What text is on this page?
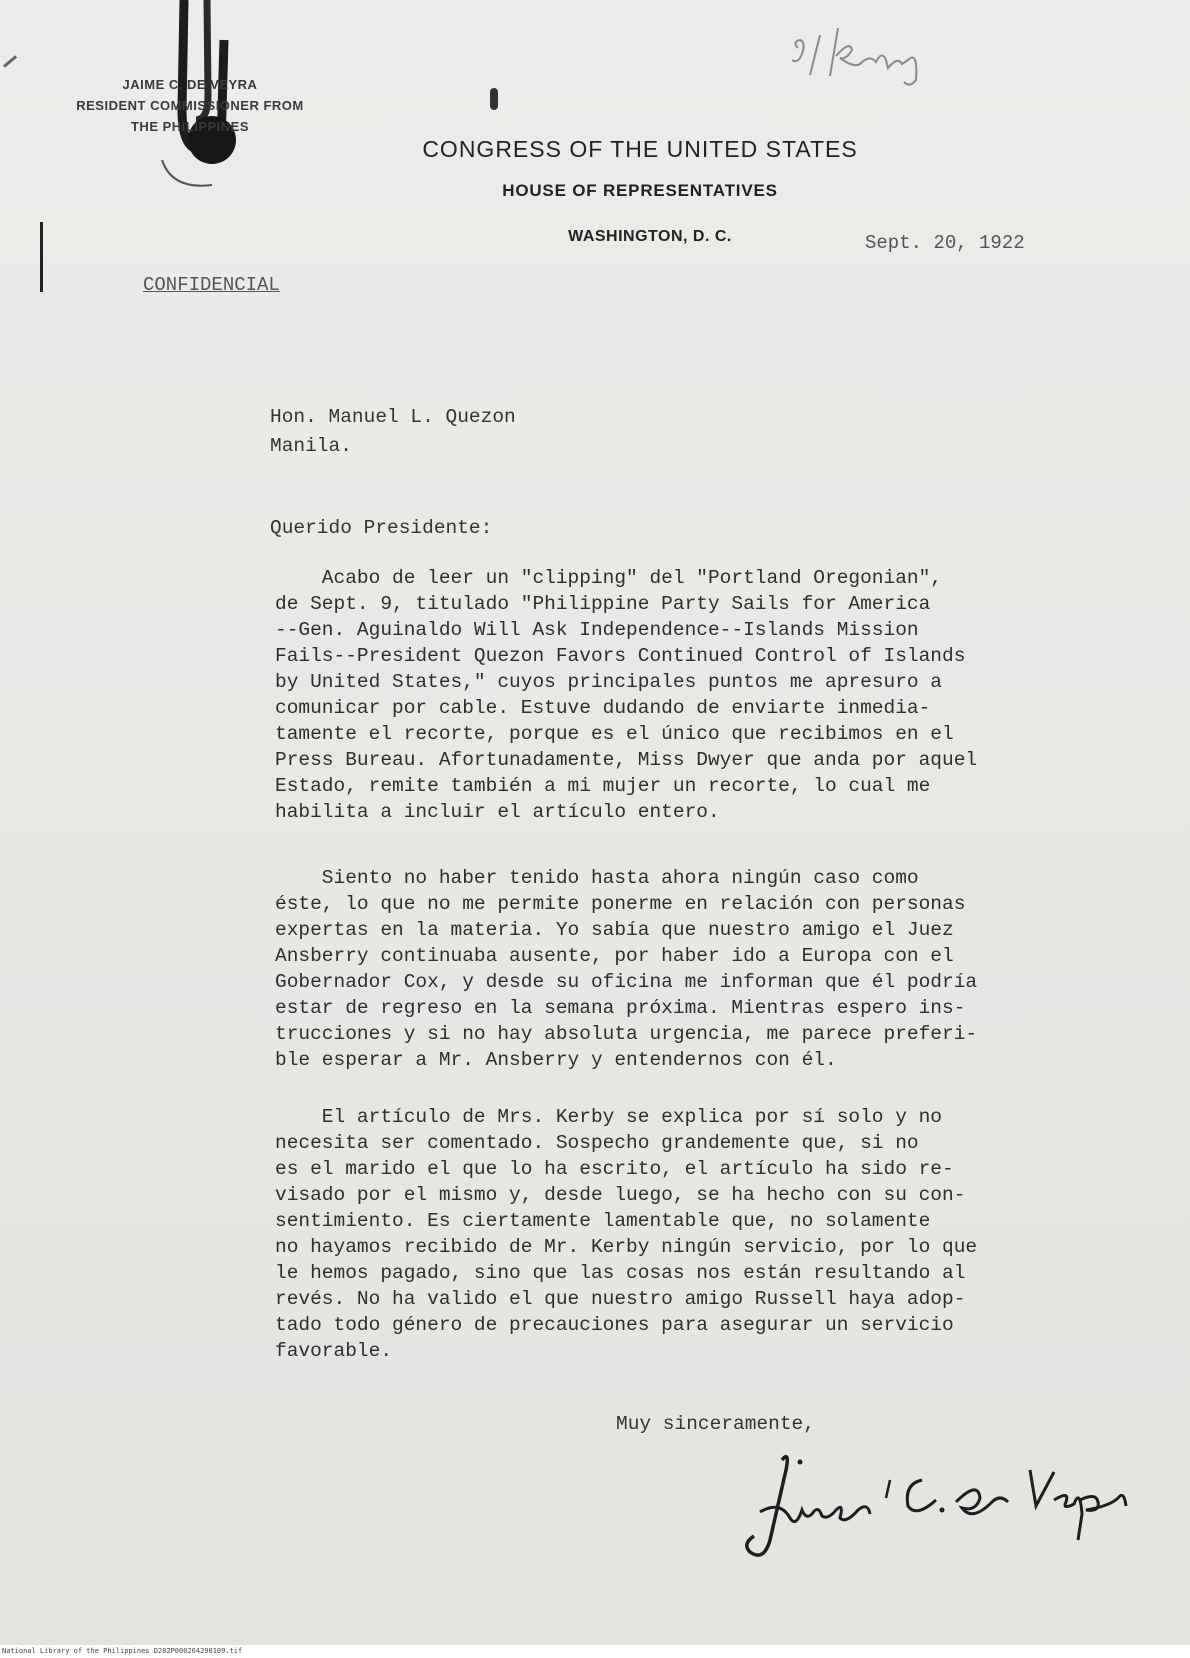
JAIME C. DE VEYRA
RESIDENT COMMISSIONER FROM
THE PHILIPPINES
CONGRESS OF THE UNITED STATES
HOUSE OF REPRESENTATIVES
WASHINGTON, D. C.	Sept. 20, 1922
CONFIDENCIAL
Hon. Manuel L. Quezon
Manila.
Querido Presidente:
Acabo de leer un "clipping" del "Portland Oregonian",
de Sept. 9, titulado "Philippine Party Sails for America
--Gen. Aguinaldo Will Ask Independence--Islands Mission
Fails--President Quezon Favors Continued Control of Islands
by United States," cuyos principales puntos me apresuro a
comunicar por cable. Estuve dudando de enviarte inmedia-
tamente el recorte, porque es el único que recibimos en el
Press Bureau. Afortunadamente, Miss Dwyer que anda por aquel
Estado, remite también a mi mujer un recorte, lo cual me
habilita a incluir el artículo entero.
Siento no haber tenido hasta ahora ningún caso como
éste, lo que no me permite ponerme en relación con personas
expertas en la materia. Yo sabía que nuestro amigo el Juez
Ansberry continuaba ausente, por haber ido a Europa con el
Gobernador Cox, y desde su oficina me informan que él podría
estar de regreso en la semana próxima. Mientras espero ins-
trucciones y si no hay absoluta urgencia, me parece preferi-
ble esperar a Mr. Ansberry y entendernos con él.
El artículo de Mrs. Kerby se explica por sí solo y no
necesita ser comentado. Sospecho grandemente que, si no
es el marido el que lo ha escrito, el artículo ha sido re-
visado por el mismo y, desde luego, se ha hecho con su con-
sentimiento. Es ciertamente lamentable que, no solamente
no hayamos recibido de Mr. Kerby ningún servicio, por lo que
le hemos pagado, sino que las cosas nos están resultando al
revés. No ha valido el que nuestro amigo Russell haya adop-
tado todo género de precauciones para asegurar un servicio
favorable.
Muy sinceramente,
National Library of the Philippines D282P000264290109.tif
